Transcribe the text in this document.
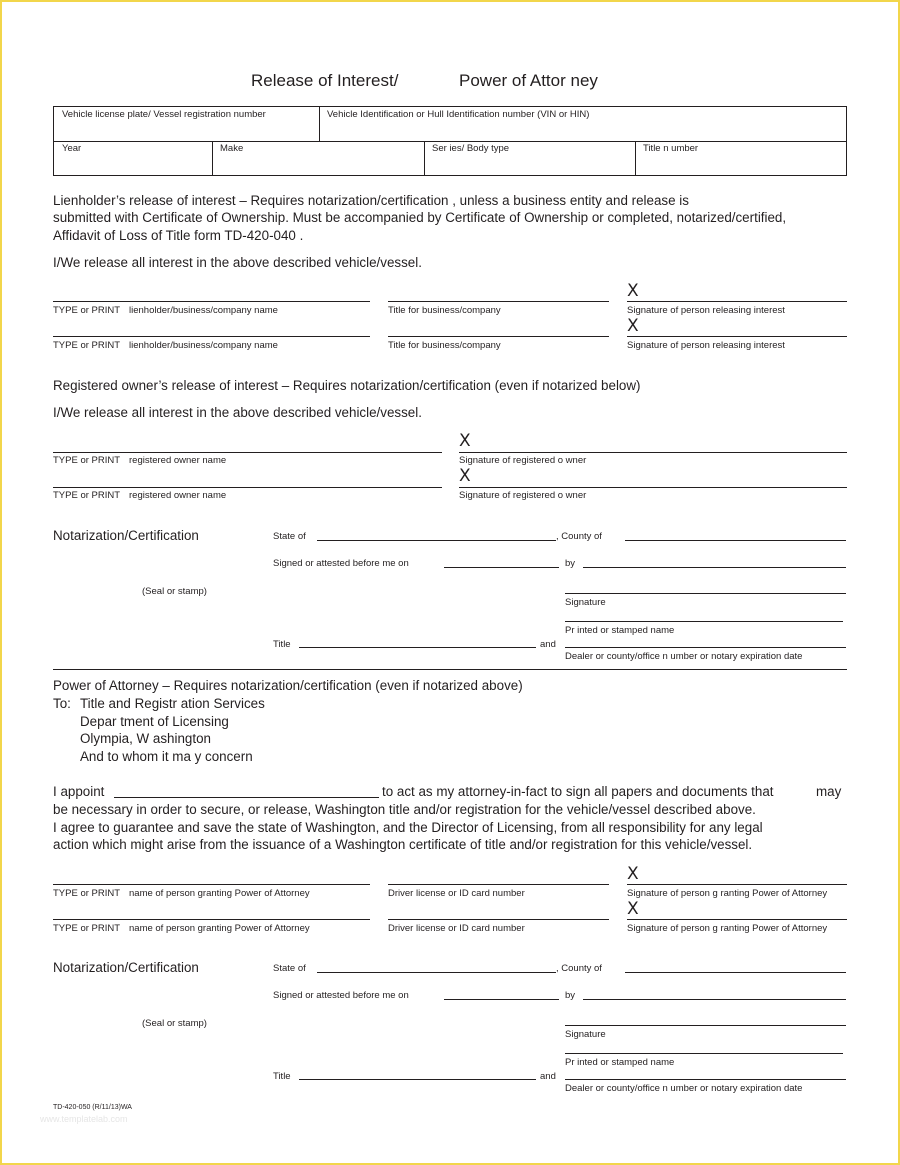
Release of Interest/	Power of Attor ney
Vehicle license plate/ Vessel registration number	Vehicle Identification or Hull Identification number (VIN or HIN)
Year	Make	Ser ies/ Body type	Title n umber
Lienholder’s release of interest – Requires notarization/certification , unless a business entity and release is
submitted with Certificate of Ownership. Must be accompanied by Certificate of Ownership or completed, notarized/certified,
Affidavit of Loss of Title form TD-420-040 .
I/We release all interest in the above described vehicle/vessel.
X
TYPE or PRINT lienholder/business/company name	Title for business/company	Signature of person releasing interest
X
TYPE or PRINT lienholder/business/company name	Title for business/company	Signature of person releasing interest
Registered owner’s release of interest – Requires notarization/certification (even if notarized below)
I/We release all interest in the above described vehicle/vessel.
X
TYPE or PRINT registered owner name	Signature of registered o wner
X
TYPE or PRINT registered owner name	Signature of registered o wner
Notarization/Certification	State of	, County of
Signed or attested before me on	by
(Seal or stamp)
Signature
Pr inted or stamped name
Title	and
Dealer or county/office n umber or notary expiration date
Power of Attorney – Requires notarization/certification (even if notarized above)
To: Title and Registr ation Services
Depar tment of Licensing
Olympia, W ashington
And to whom it ma y concern
I appoint	to act as my attorney-in-fact to sign all papers and documents that	may
be necessary in order to secure, or release, Washington title and/or registration for the vehicle/vessel described above.
I agree to guarantee and save the state of Washington, and the Director of Licensing, from all responsibility for any legal
action which might arise from the issuance of a Washington certificate of title and/or registration for this vehicle/vessel.
X
TYPE or PRINT name of person granting Power of Attorney	Driver license or ID card number	Signature of person g ranting Power of Attorney
X
TYPE or PRINT name of person granting Power of Attorney	Driver license or ID card number	Signature of person g ranting Power of Attorney
Notarization/Certification	State of	, County of
Signed or attested before me on	by
(Seal or stamp)
Signature
Pr inted or stamped name
Title	and
Dealer or county/office n umber or notary expiration date
TD-420-050 (R/11/13)WA
www.templatelab.com
